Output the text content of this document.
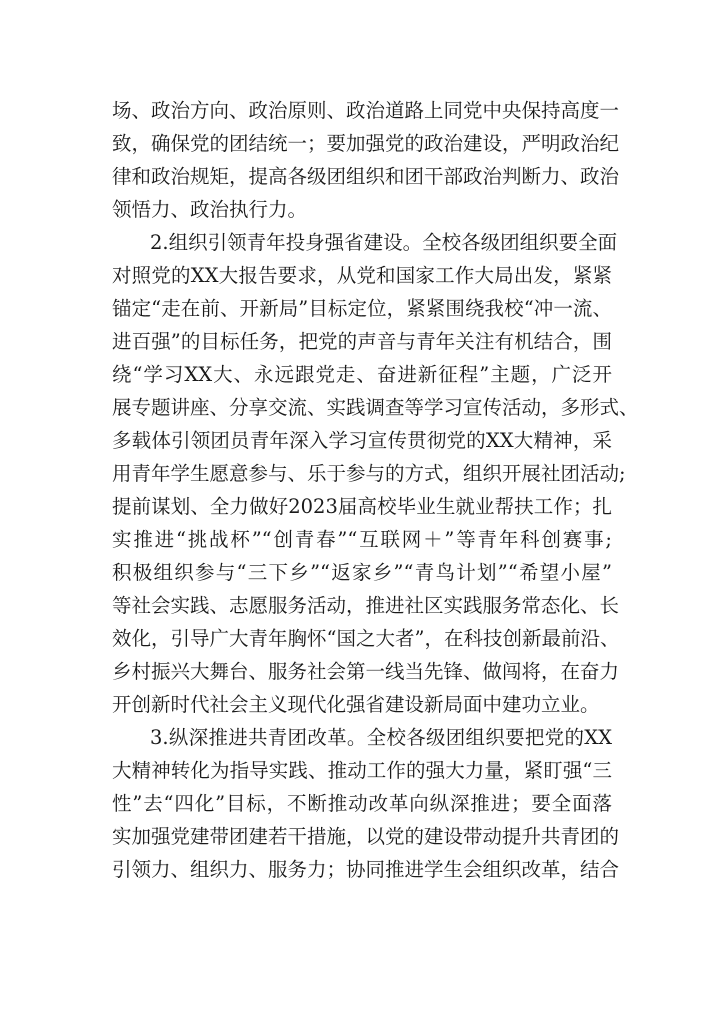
场、政治方向、政治原则、政治道路上同党中央保持高度一
致，确保党的团结统一；要加强党的政治建设，严明政治纪
律和政治规矩，提高各级团组织和团干部政治判断力、政治
领悟力、政治执行力。
2.组织引领青年投身强省建设。全校各级团组织要全面
对照党的XX大报告要求，从党和国家工作大局出发，紧紧
锚定“走在前、开新局”目标定位，紧紧围绕我校“冲一流、
进百强”的目标任务，把党的声音与青年关注有机结合，围
绕“学习XX大、永远跟党走、奋进新征程”主题，广泛开
展专题讲座、分享交流、实践调查等学习宣传活动，多形式、
多载体引领团员青年深入学习宣传贯彻党的XX大精神，采
用青年学生愿意参与、乐于参与的方式，组织开展社团活动;
提前谋划、全力做好2023届高校毕业生就业帮扶工作；扎
实推进“挑战杯”“创青春”“互联网＋”等青年科创赛事;
积极组织参与“三下乡”“返家乡”“青鸟计划”“希望小屋”
等社会实践、志愿服务活动，推进社区实践服务常态化、长
效化，引导广大青年胸怀“国之大者”，在科技创新最前沿、
乡村振兴大舞台、服务社会第一线当先锋、做闯将，在奋力
开创新时代社会主义现代化强省建设新局面中建功立业。
3.纵深推进共青团改革。全校各级团组织要把党的XX
大精神转化为指导实践、推动工作的强大力量，紧盯强“三
性”去“四化”目标，不断推动改革向纵深推进；要全面落
实加强党建带团建若干措施，以党的建设带动提升共青团的
引领力、组织力、服务力；协同推进学生会组织改革，结合
